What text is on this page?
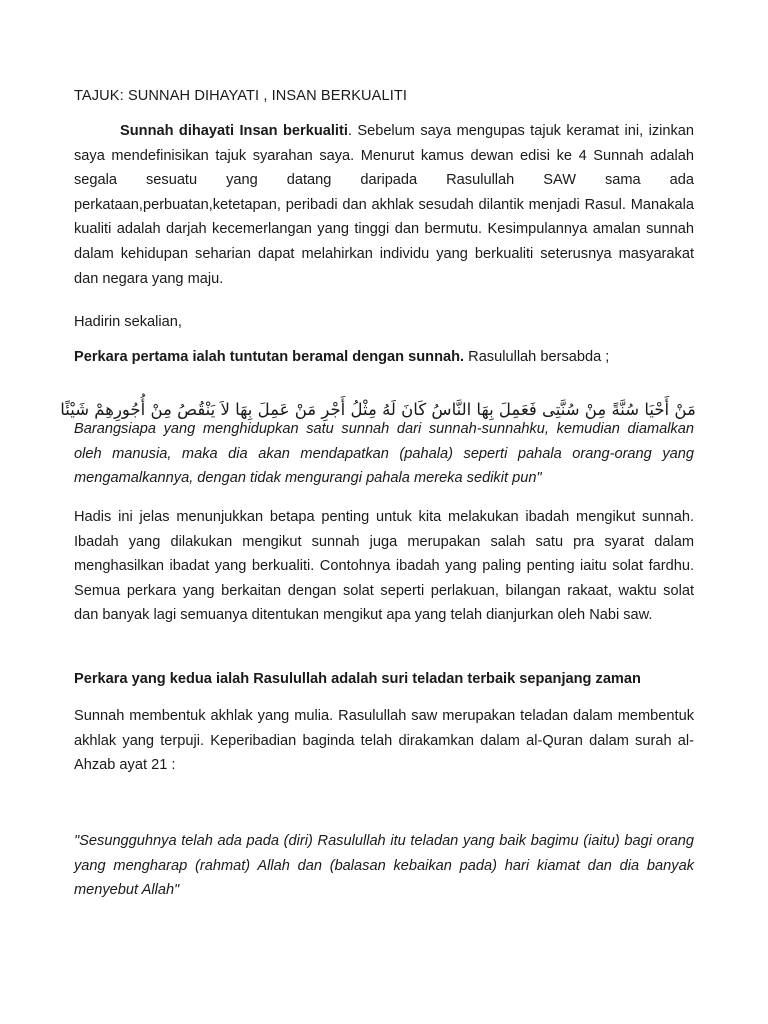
TAJUK: SUNNAH DIHAYATI , INSAN BERKUALITI

Sunnah dihayati Insan berkualiti. Sebelum saya mengupas tajuk keramat ini, izinkan saya mendefinisikan tajuk syarahan saya. Menurut kamus dewan edisi ke 4 Sunnah adalah segala sesuatu yang datang daripada Rasulullah SAW sama ada perkataan,perbuatan,ketetapan, peribadi dan akhlak sesudah dilantik menjadi Rasul. Manakala kualiti adalah darjah kecemerlangan yang tinggi dan bermutu. Kesimpulannya amalan sunnah dalam kehidupan seharian dapat melahirkan individu yang berkualiti seterusnya masyarakat dan negara yang maju.

Hadirin sekalian,

Perkara pertama ialah tuntutan beramal dengan sunnah. Rasulullah bersabda ;

مَنْ أَحْيَا سُنَّةً مِنْ سُنَّتِى فَعَمِلَ بِهَا النَّاسُ كَانَ لَهُ مِثْلُ أَجْرِ مَنْ عَمِلَ بِهَا لاَ يَنْقُصُ مِنْ أُجُورِهِمْ شَيْئًا

Barangsiapa yang menghidupkan satu sunnah dari sunnah-sunnahku, kemudian diamalkan oleh manusia, maka dia akan mendapatkan (pahala) seperti pahala orang-orang yang mengamalkannya, dengan tidak mengurangi pahala mereka sedikit pun"

Hadis ini jelas menunjukkan betapa penting untuk kita melakukan ibadah mengikut sunnah. Ibadah yang dilakukan mengikut sunnah juga merupakan salah satu pra syarat dalam menghasilkan ibadat yang berkualiti. Contohnya ibadah yang paling penting iaitu solat fardhu. Semua perkara yang berkaitan dengan solat seperti perlakuan, bilangan rakaat, waktu solat dan banyak lagi semuanya ditentukan mengikut apa yang telah dianjurkan oleh Nabi saw.

Perkara yang kedua ialah Rasulullah adalah suri teladan terbaik sepanjang zaman

Sunnah membentuk akhlak yang mulia. Rasulullah saw merupakan teladan dalam membentuk akhlak yang terpuji. Keperibadian baginda telah dirakamkan dalam al-Quran dalam surah al-Ahzab ayat 21 :

"Sesungguhnya telah ada pada (diri) Rasulullah itu teladan yang baik bagimu (iaitu) bagi orang yang mengharap (rahmat) Allah dan (balasan kebaikan pada) hari kiamat dan dia banyak menyebut Allah"
